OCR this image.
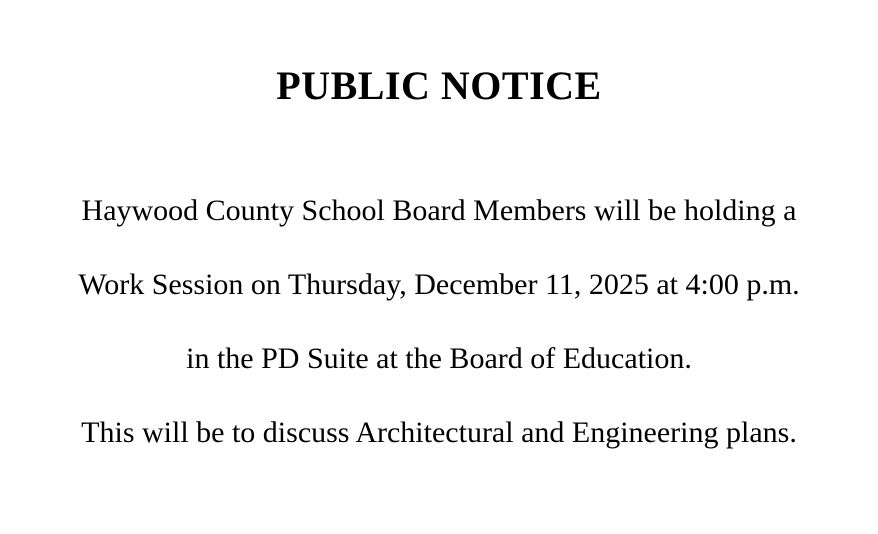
PUBLIC NOTICE
Haywood County School Board Members will be holding a
Work Session on Thursday, December 11, 2025 at 4:00 p.m.
in the PD Suite at the Board of Education.
This will be to discuss Architectural and Engineering plans.
